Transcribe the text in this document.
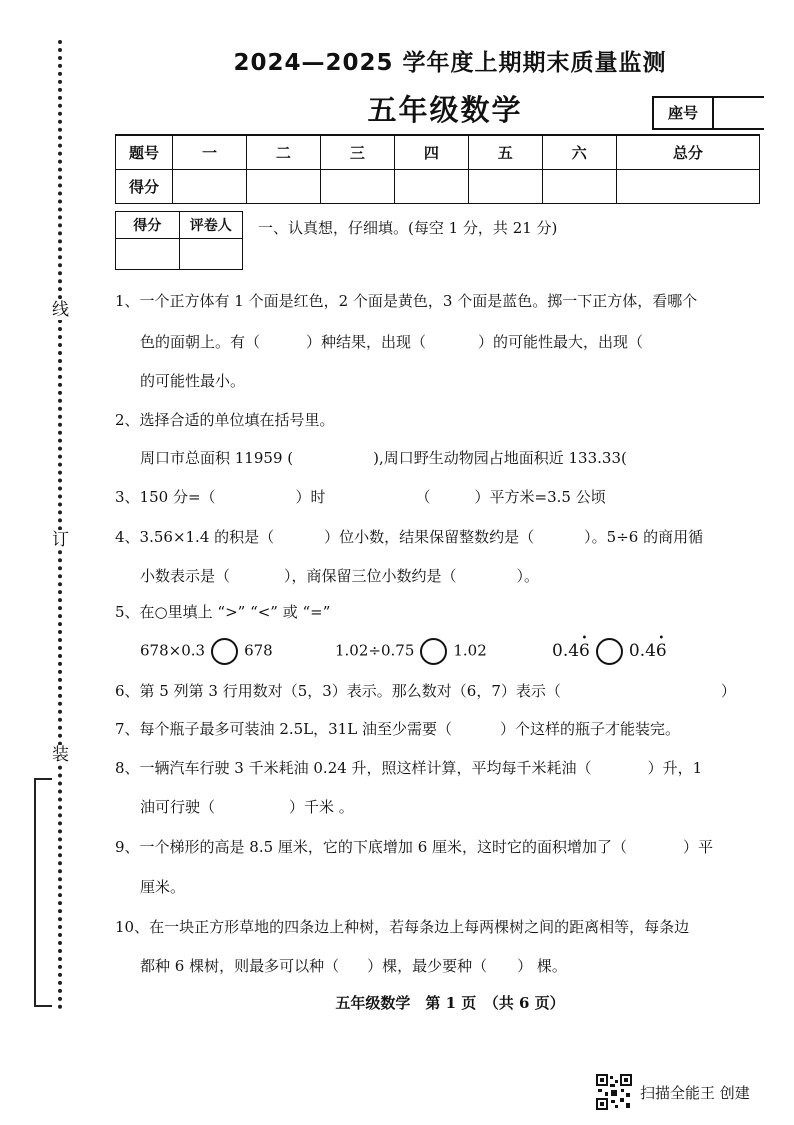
线
订
装
2024—2025 学年度上期期末质量监测
五年级数学	座号
题号	一	二	三	四	五	六	总分
得分							
得分	评卷人
	一、认真想，仔细填。(每空 1 分，共 21 分)
1、一个正方体有 1 个面是红色，2 个面是黄色，3 个面是蓝色。掷一下正方体，看哪个
色的面朝上。有（	）种结果，出现（	）的可能性最大，出现（
的可能性最小。
2、选择合适的单位填在括号里。
周口市总面积 11959 (	),周口野生动物园占地面积近 133.33(
3、150 分=（	）时	（	）平方米=3.5 公顷
4、3.56×1.4 的积是（	）位小数，结果保留整数约是（	）。5÷6 的商用循
小数表示是（	），商保留三位小数约是（	）。
5、在○里填上 “>” “<” 或 “=”
678×0.3	678	1.02÷0.75	1.02	0.4
•
6 0.4
•
6
6、第 5 列第 3 行用数对（5，3）表示。那么数对（6，7）表示（	）
7、每个瓶子最多可装油 2.5L，31L 油至少需要（	）个这样的瓶子才能装完。
8、一辆汽车行驶 3 千米耗油 0.24 升，照这样计算，平均每千米耗油（	）升，1
油可行驶（	）千米 。
9、一个梯形的高是 8.5 厘米，它的下底增加 6 厘米，这时它的面积增加了（	）平
厘米。
10、在一块正方形草地的四条边上种树，若每条边上每两棵树之间的距离相等，每条边
都种 6 棵树，则最多可以种（ ）棵，最少要种（ ） 棵。
五年级数学　第 1 页　（共 6 页）
扫描全能王 创建
